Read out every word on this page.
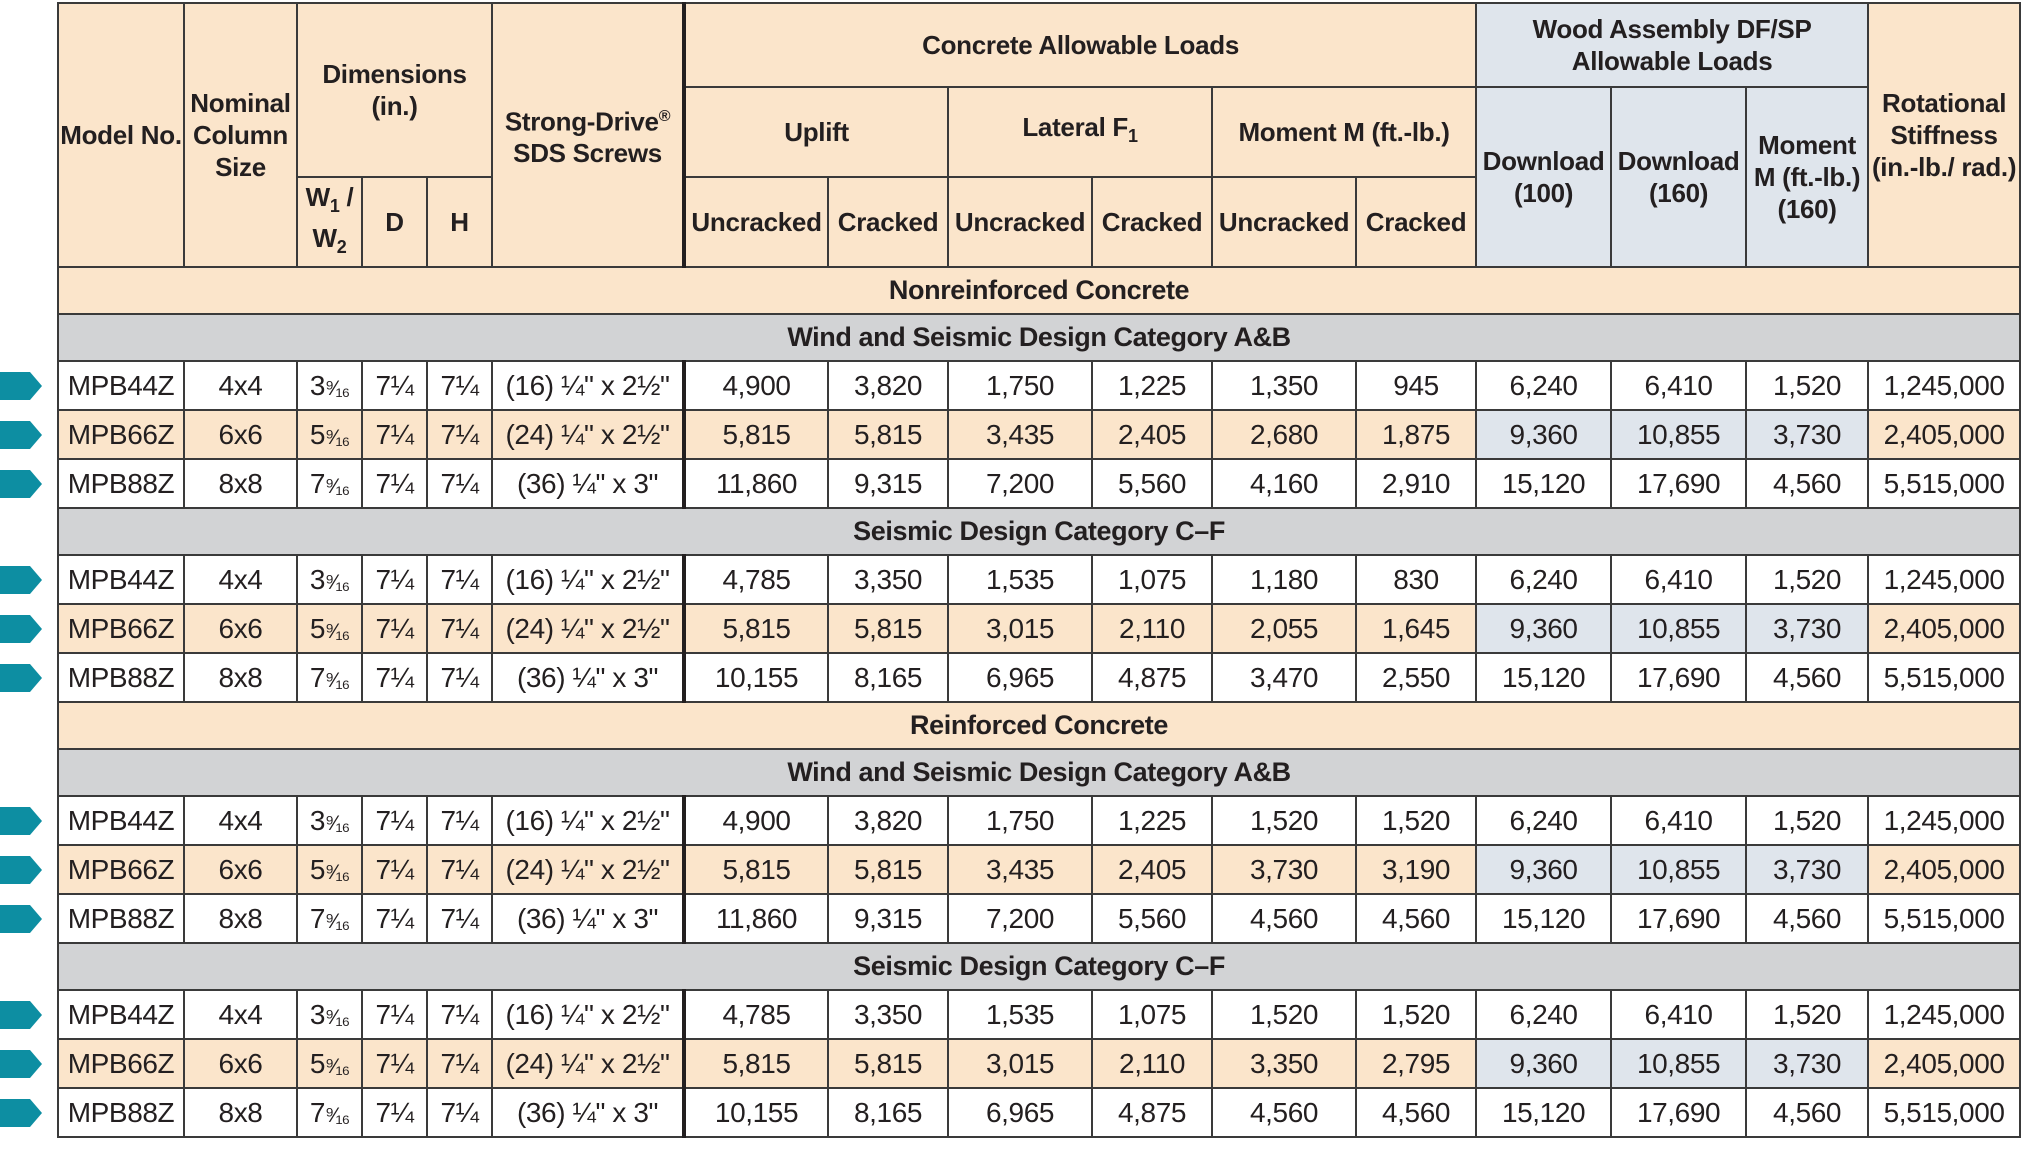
Model No.	Nominal Column Size	Dimensions (in.)			Strong-Drive®
SDS Screws	Concrete Allowable Loads						Wood Assembly DF/SP Allowable Loads			Rotational Stiffness (in.-lb./ rad.)
						Uplift		Lateral $F_1$		Moment M (ft.-lb.)		Download (100)	Download (160)	Moment M (ft.-lb.) (160)	
		$W_1 / W_2$	D	H		Uncracked	Cracked	Uncracked	Cracked	Uncracked	Cracked				
Nonreinforced Concrete															
Wind and Seismic Design Category A&B															
MPB44Z	4x4	3⁹⁄₁₆	7¼	7¼	(16) ¼" x 2½"	4,900	3,820	1,750	1,225	1,350	945	6,240	6,410	1,520	1,245,000
MPB66Z	6x6	5⁹⁄₁₆	7¼	7¼	(24) ¼" x 2½"	5,815	5,815	3,435	2,405	2,680	1,875	9,360	10,855	3,730	2,405,000
MPB88Z	8x8	7⁹⁄₁₆	7¼	7¼	(36) ¼" x 3"	11,860	9,315	7,200	5,560	4,160	2,910	15,120	17,690	4,560	5,515,000
Seismic Design Category C–F															
MPB44Z	4x4	3⁹⁄₁₆	7¼	7¼	(16) ¼" x 2½"	4,785	3,350	1,535	1,075	1,180	830	6,240	6,410	1,520	1,245,000
MPB66Z	6x6	5⁹⁄₁₆	7¼	7¼	(24) ¼" x 2½"	5,815	5,815	3,015	2,110	2,055	1,645	9,360	10,855	3,730	2,405,000
MPB88Z	8x8	7⁹⁄₁₆	7¼	7¼	(36) ¼" x 3"	10,155	8,165	6,965	4,875	3,470	2,550	15,120	17,690	4,560	5,515,000
Reinforced Concrete															
Wind and Seismic Design Category A&B															
MPB44Z	4x4	3⁹⁄₁₆	7¼	7¼	(16) ¼" x 2½"	4,900	3,820	1,750	1,225	1,520	1,520	6,240	6,410	1,520	1,245,000
MPB66Z	6x6	5⁹⁄₁₆	7¼	7¼	(24) ¼" x 2½"	5,815	5,815	3,435	2,405	3,730	3,190	9,360	10,855	3,730	2,405,000
MPB88Z	8x8	7⁹⁄₁₆	7¼	7¼	(36) ¼" x 3"	11,860	9,315	7,200	5,560	4,560	4,560	15,120	17,690	4,560	5,515,000
Seismic Design Category C–F															
MPB44Z	4x4	3⁹⁄₁₆	7¼	7¼	(16) ¼" x 2½"	4,785	3,350	1,535	1,075	1,520	1,520	6,240	6,410	1,520	1,245,000
MPB66Z	6x6	5⁹⁄₁₆	7¼	7¼	(24) ¼" x 2½"	5,815	5,815	3,015	2,110	3,350	2,795	9,360	10,855	3,730	2,405,000
MPB88Z	8x8	7⁹⁄₁₆	7¼	7¼	(36) ¼" x 3"	10,155	8,165	6,965	4,875	4,560	4,560	15,120	17,690	4,560	5,515,000
